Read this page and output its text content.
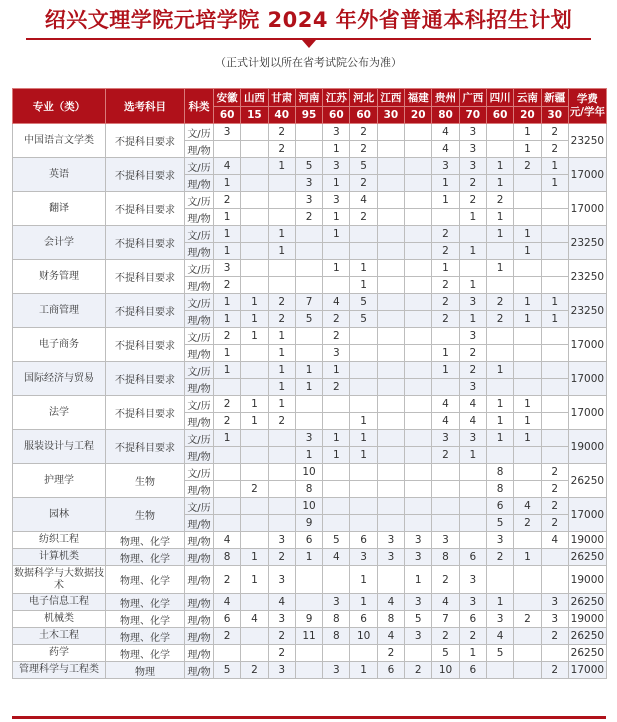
绍兴文理学院元培学院 2024 年外省普通本科招生计划
（正式计划以所在省考试院公布为准）
专业（类）	选考科目	科类	安徽	山西	甘肃	河南	江苏	河北	江西	福建	贵州	广西	四川	云南	新疆	学费
元/学年

			60	15	40	95	60	60	30	20	80	70	60	20	30	
中国语言文学类	不提科目要求	文/历	3		2		3	2			4	3		1	2	23250
		理/物			2		1	2			4	3		1	2	
英语	不提科目要求	文/历	4		1	5	3	5			3	3	1	2	1	17000
		理/物	1			3	1	2			1	2	1		1	
翻译	不提科目要求	文/历	2			3	3	4			1	2	2			17000
		理/物	1			2	1	2				1	1			
会计学	不提科目要求	文/历	1		1		1				2		1	1		23250
		理/物	1		1						2	1		1		
财务管理	不提科目要求	文/历	3				1	1			1		1			23250
		理/物	2					1			2	1				
工商管理	不提科目要求	文/历	1	1	2	7	4	5			2	3	2	1	1	23250
		理/物	1	1	2	5	2	5			2	1	2	1	1	
电子商务	不提科目要求	文/历	2	1	1		2					3				17000
		理/物	1		1		3				1	2				
国际经济与贸易	不提科目要求	文/历	1		1	1	1				1	2	1			17000
		理/物			1	1	2					3				
法学	不提科目要求	文/历	2	1	1						4	4	1	1		17000
		理/物	2	1	2			1			4	4	1	1		
服装设计与工程	不提科目要求	文/历	1			3	1	1			3	3	1	1		19000
		理/物				1	1	1			2	1				
护理学	生物	文/历				10							8		2	26250
		理/物		2		8							8		2	
园林	生物	文/历				10							6	4	2	17000
		理/物				9							5	2	2	
纺织工程	物理、化学	理/物	4		3	6	5	6	3	3	3		3		4	19000
计算机类	物理、化学	理/物	8	1	2	1	4	3	3	3	8	6	2	1		26250
数据科学与大数据技术	物理、化学	理/物	2	1	3			1		1	2	3				19000
电子信息工程	物理、化学	理/物	4		4		3	1	4	3	4	3	1		3	26250
机械类	物理、化学	理/物	6	4	3	9	8	6	8	5	7	6	3	2	3	19000
土木工程	物理、化学	理/物	2		2	11	8	10	4	3	2	2	4		2	26250
药学	物理、化学	理/物			2				2		5	1	5			26250
管理科学与工程类	物理	理/物	5	2	3		3	1	6	2	10	6			2	17000
